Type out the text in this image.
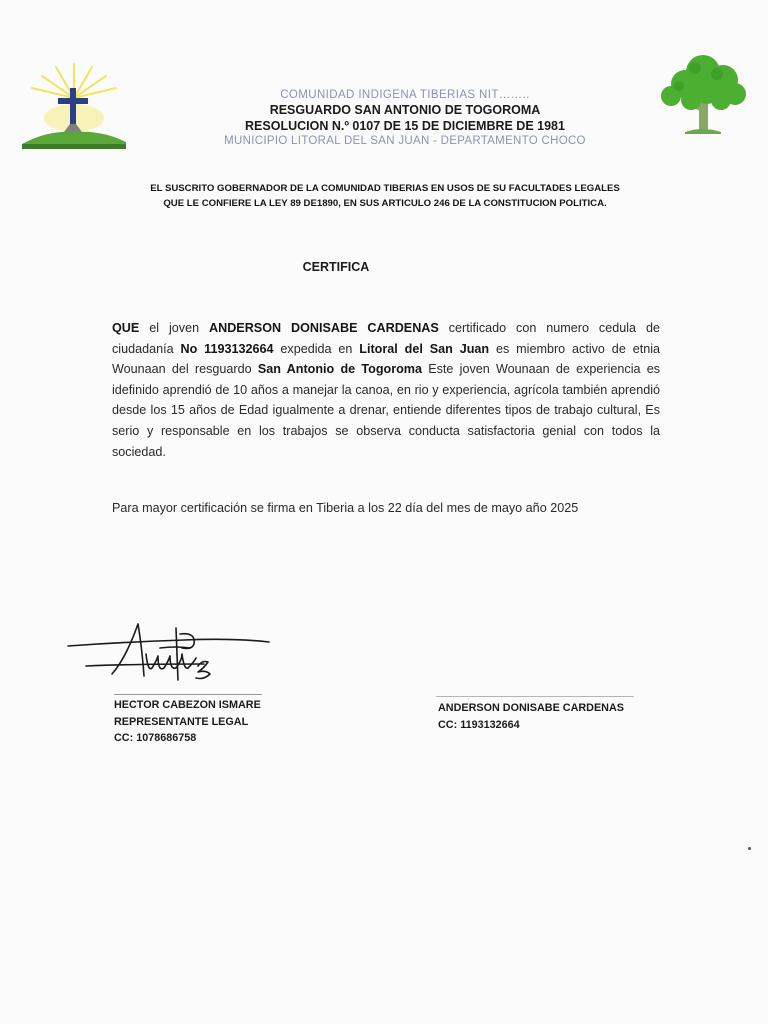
COMUNIDAD INDIGENA TIBERIAS NIT……..

RESGUARDO SAN ANTONIO DE TOGOROMA

RESOLUCION N.º 0107 DE 15 DE DICIEMBRE DE 1981

MUNICIPIO LITORAL DEL SAN JUAN - DEPARTAMENTO CHOCO

EL SUSCRITO GOBERNADOR DE LA COMUNIDAD TIBERIAS EN USOS DE SU FACULTADES LEGALES

QUE LE CONFIERE LA LEY 89 DE1890, EN SUS ARTICULO 246 DE LA CONSTITUCION POLITICA.

CERTIFICA

QUE el joven ANDERSON DONISABE CARDENAS certificado con numero cedula de ciudadanía No 1193132664 expedida en Litoral del San Juan es miembro activo de etnia Wounaan del resguardo San Antonio de Togoroma Este joven Wounaan de experiencia es idefinido aprendió de 10 años a manejar la canoa, en rio y experiencia, agrícola también aprendió desde los 15 años de Edad igualmente a drenar, entiende diferentes tipos de trabajo cultural, Es serio y responsable en los trabajos se observa conducta satisfactoria genial con todos la sociedad.

Para mayor certificación se firma en Tiberia a los 22 día del mes de mayo año 2025

HECTOR CABEZON ISMARE

REPRESENTANTE LEGAL

CC: 1078686758

ANDERSON DONISABE CARDENAS

CC: 1193132664
